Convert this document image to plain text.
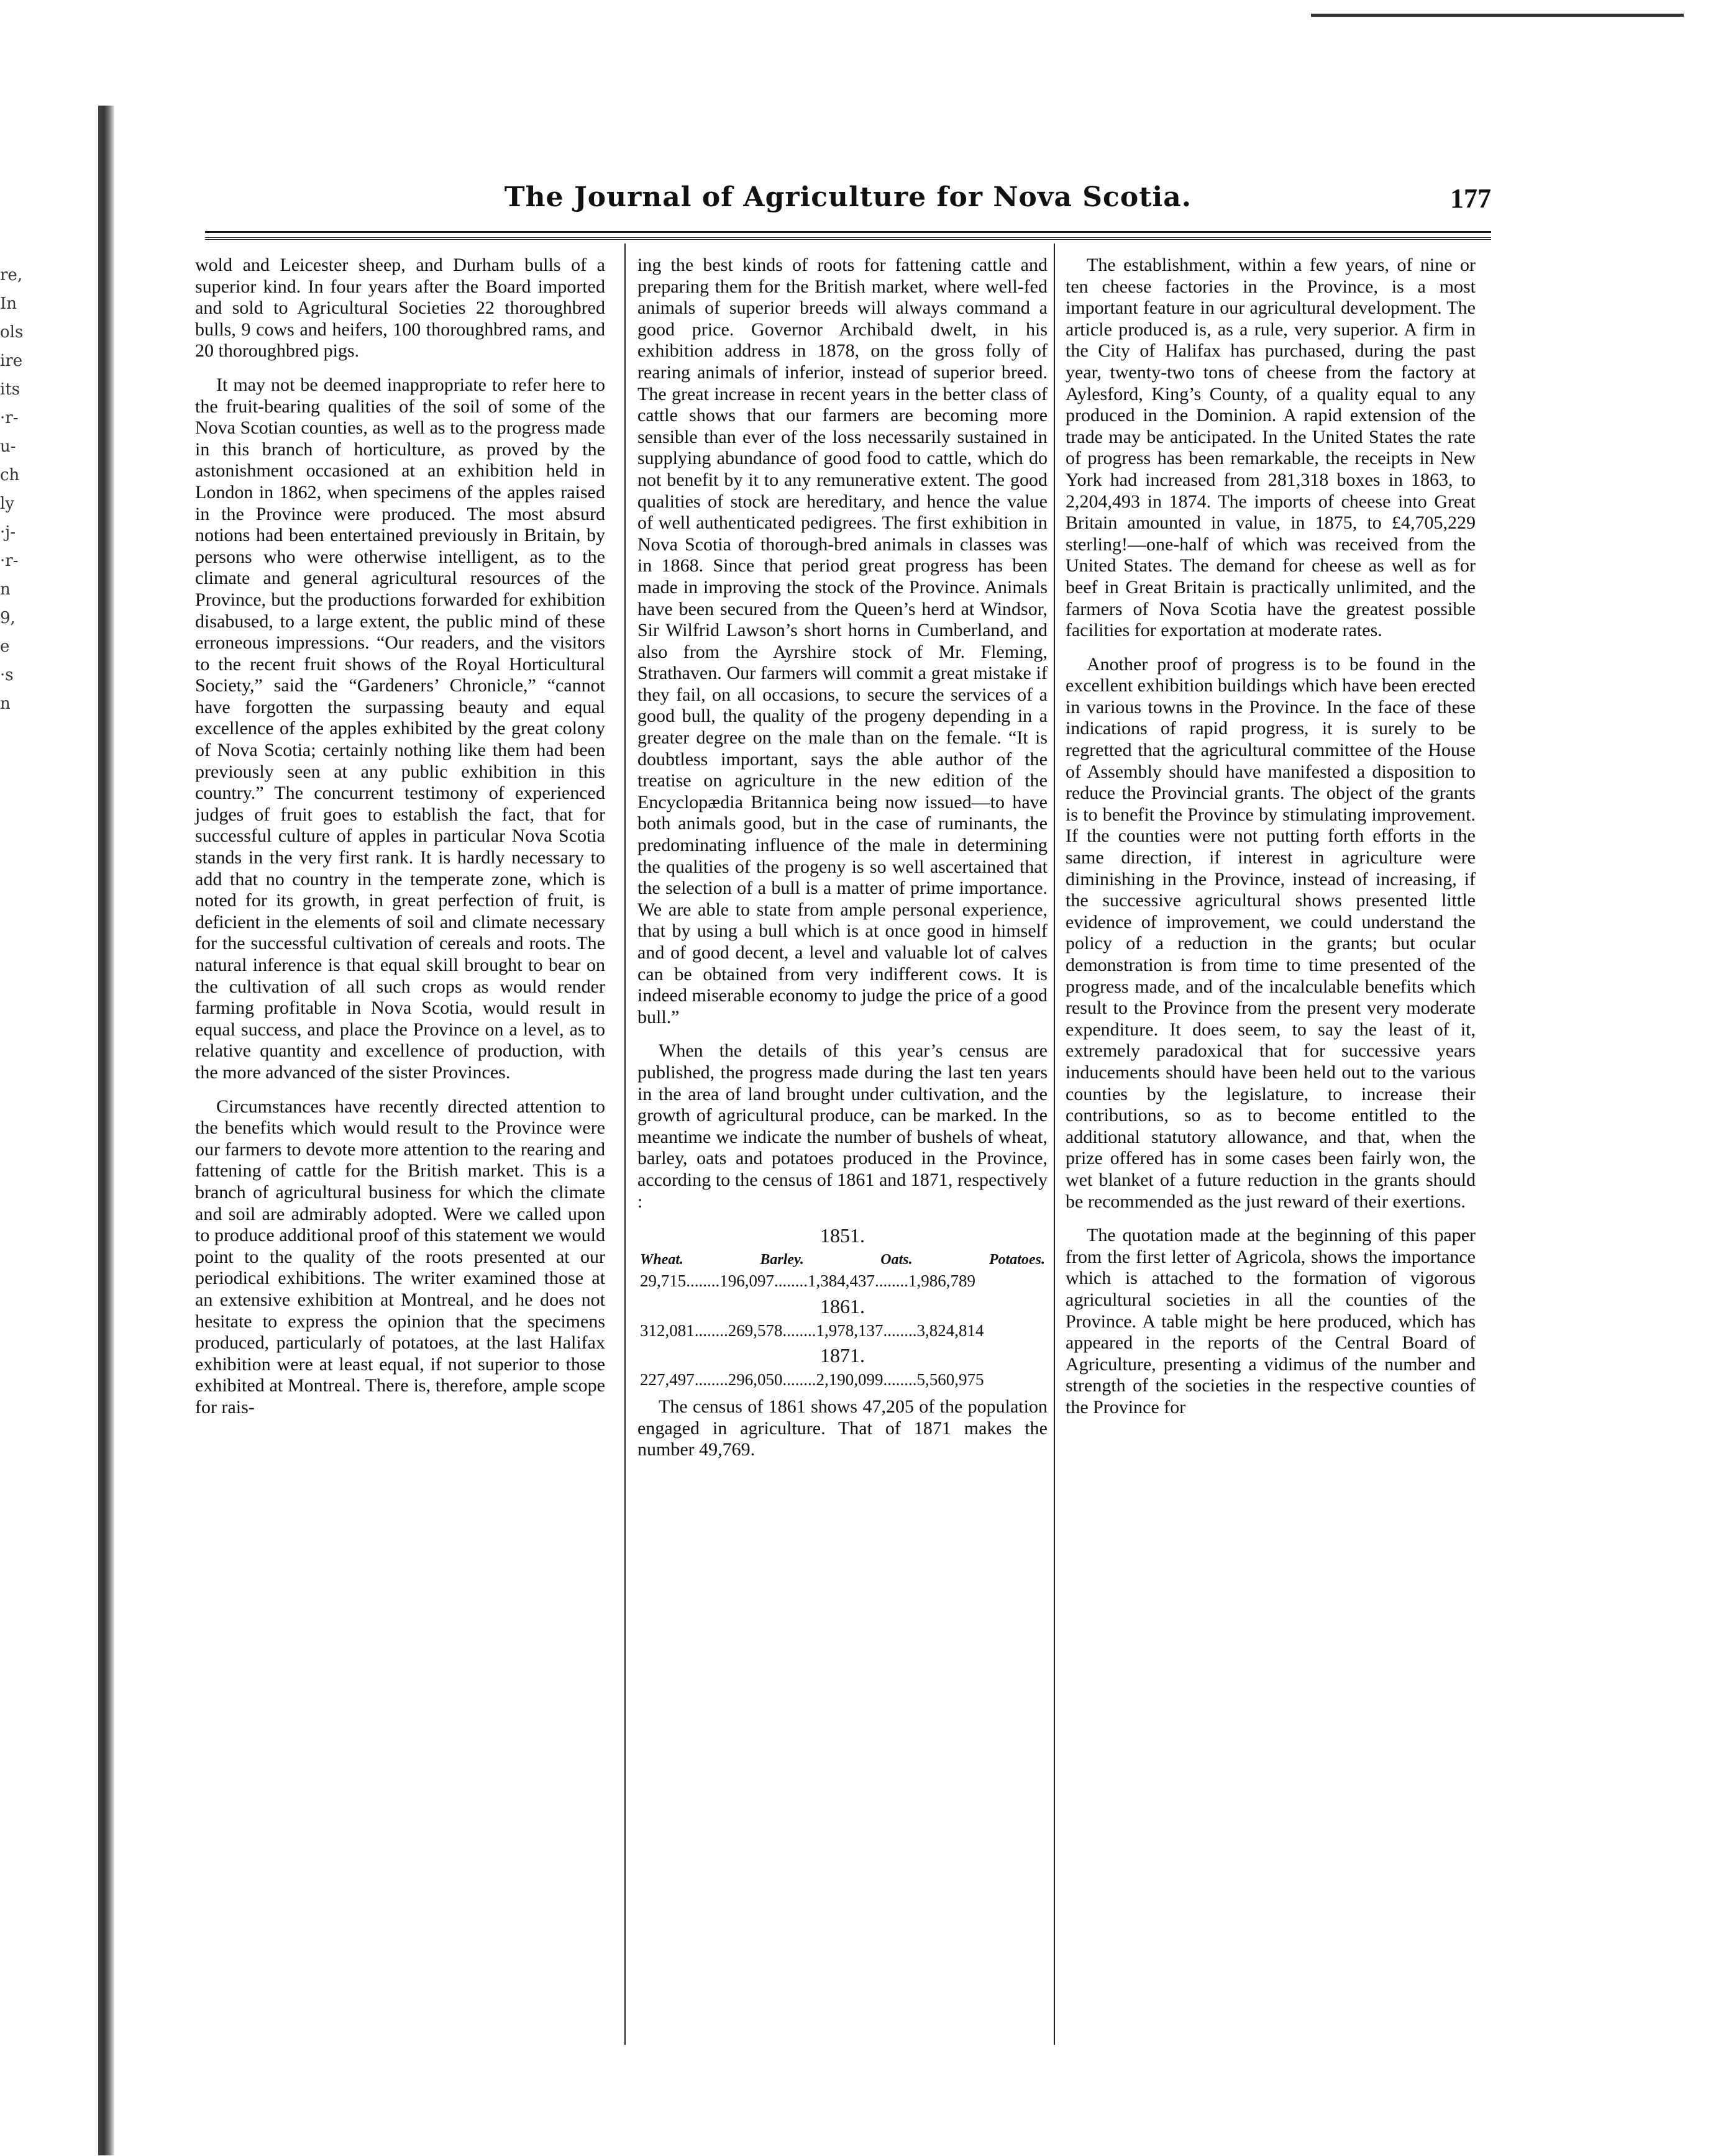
re,
In
ols
ire
its
·r-
u-
ch
ly
·j-
·r-
n
9,
e
·s
n
The Journal of Agriculture for Nova Scotia.	177

wold and Leicester sheep, and Durham bulls of a superior kind. In four years after the Board imported and sold to Agricultural Societies 22 thoroughbred bulls, 9 cows and heifers, 100 thoroughbred rams, and 20 thoroughbred pigs.

It may not be deemed inappropriate to refer here to the fruit-bearing qualities of the soil of some of the Nova Scotian counties, as well as to the progress made in this branch of horticulture, as proved by the astonishment occasioned at an exhibition held in London in 1862, when specimens of the apples raised in the Province were produced. The most absurd notions had been entertained previously in Britain, by persons who were otherwise intelligent, as to the climate and general agricultural resources of the Province, but the productions forwarded for exhibition disabused, to a large extent, the public mind of these erroneous impressions. “Our readers, and the visitors to the recent fruit shows of the Royal Horticultural Society,” said the “Gardeners’ Chronicle,” “cannot have forgotten the surpassing beauty and equal excellence of the apples exhibited by the great colony of Nova Scotia; certainly nothing like them had been previously seen at any public exhibition in this country.” The concurrent testimony of experienced judges of fruit goes to establish the fact, that for successful culture of apples in particular Nova Scotia stands in the very first rank. It is hardly necessary to add that no country in the temperate zone, which is noted for its growth, in great perfection of fruit, is deficient in the elements of soil and climate necessary for the successful cultivation of cereals and roots. The natural inference is that equal skill brought to bear on the cultivation of all such crops as would render farming profitable in Nova Scotia, would result in equal success, and place the Province on a level, as to relative quantity and excellence of production, with the more advanced of the sister Provinces.

Circumstances have recently directed attention to the benefits which would result to the Province were our farmers to devote more attention to the rearing and fattening of cattle for the British market. This is a branch of agricultural business for which the climate and soil are admirably adopted. Were we called upon to produce additional proof of this statement we would point to the quality of the roots presented at our periodical exhibitions. The writer examined those at an extensive exhibition at Montreal, and he does not hesitate to express the opinion that the specimens produced, particularly of potatoes, at the last Halifax exhibition were at least equal, if not superior to those exhibited at Montreal. There is, therefore, ample scope for rais-

ing the best kinds of roots for fattening cattle and preparing them for the British market, where well-fed animals of superior breeds will always command a good price. Governor Archibald dwelt, in his exhibition address in 1878, on the gross folly of rearing animals of inferior, instead of superior breed. The great increase in recent years in the better class of cattle shows that our farmers are becoming more sensible than ever of the loss necessarily sustained in supplying abundance of good food to cattle, which do not benefit by it to any remunerative extent. The good qualities of stock are hereditary, and hence the value of well authenticated pedigrees. The first exhibition in Nova Scotia of thorough-bred animals in classes was in 1868. Since that period great progress has been made in improving the stock of the Province. Animals have been secured from the Queen’s herd at Windsor, Sir Wilfrid Lawson’s short horns in Cumberland, and also from the Ayrshire stock of Mr. Fleming, Strathaven. Our farmers will commit a great mistake if they fail, on all occasions, to secure the services of a good bull, the quality of the progeny depending in a greater degree on the male than on the female. “It is doubtless important, says the able author of the treatise on agriculture in the new edition of the Encyclopædia Britannica being now issued—to have both animals good, but in the case of ruminants, the predominating influence of the male in determining the qualities of the progeny is so well ascertained that the selection of a bull is a matter of prime importance. We are able to state from ample personal experience, that by using a bull which is at once good in himself and of good decent, a level and valuable lot of calves can be obtained from very indifferent cows. It is indeed miserable economy to judge the price of a good bull.”

When the details of this year’s census are published, the progress made during the last ten years in the area of land brought under cultivation, and the growth of agricultural produce, can be marked. In the meantime we indicate the number of bushels of wheat, barley, oats and potatoes produced in the Province, according to the census of 1861 and 1871, respectively :

1851.
Wheat.	Barley.	Oats.	Potatoes.
29,715........196,097........1,384,437........1,986,789
1861.
312,081........269,578........1,978,137........3,824,814
1871.
227,497........296,050........2,190,099........5,560,975

The census of 1861 shows 47,205 of the population engaged in agriculture. That of 1871 makes the number 49,769.

The establishment, within a few years, of nine or ten cheese factories in the Province, is a most important feature in our agricultural development. The article produced is, as a rule, very superior. A firm in the City of Halifax has purchased, during the past year, twenty-two tons of cheese from the factory at Aylesford, King’s County, of a quality equal to any produced in the Dominion. A rapid extension of the trade may be anticipated. In the United States the rate of progress has been remarkable, the receipts in New York had increased from 281,318 boxes in 1863, to 2,204,493 in 1874. The imports of cheese into Great Britain amounted in value, in 1875, to £4,705,229 sterling!—one-half of which was received from the United States. The demand for cheese as well as for beef in Great Britain is practically unlimited, and the farmers of Nova Scotia have the greatest possible facilities for exportation at moderate rates.

Another proof of progress is to be found in the excellent exhibition buildings which have been erected in various towns in the Province. In the face of these indications of rapid progress, it is surely to be regretted that the agricultural committee of the House of Assembly should have manifested a disposition to reduce the Provincial grants. The object of the grants is to benefit the Province by stimulating improvement. If the counties were not putting forth efforts in the same direction, if interest in agriculture were diminishing in the Province, instead of increasing, if the successive agricultural shows presented little evidence of improvement, we could understand the policy of a reduction in the grants; but ocular demonstration is from time to time presented of the progress made, and of the incalculable benefits which result to the Province from the present very moderate expenditure. It does seem, to say the least of it, extremely paradoxical that for successive years inducements should have been held out to the various counties by the legislature, to increase their contributions, so as to become entitled to the additional statutory allowance, and that, when the prize offered has in some cases been fairly won, the wet blanket of a future reduction in the grants should be recommended as the just reward of their exertions.

The quotation made at the beginning of this paper from the first letter of Agricola, shows the importance which is attached to the formation of vigorous agricultural societies in all the counties of the Province. A table might be here produced, which has appeared in the reports of the Central Board of Agriculture, presenting a vidimus of the number and strength of the societies in the respective counties of the Province for
